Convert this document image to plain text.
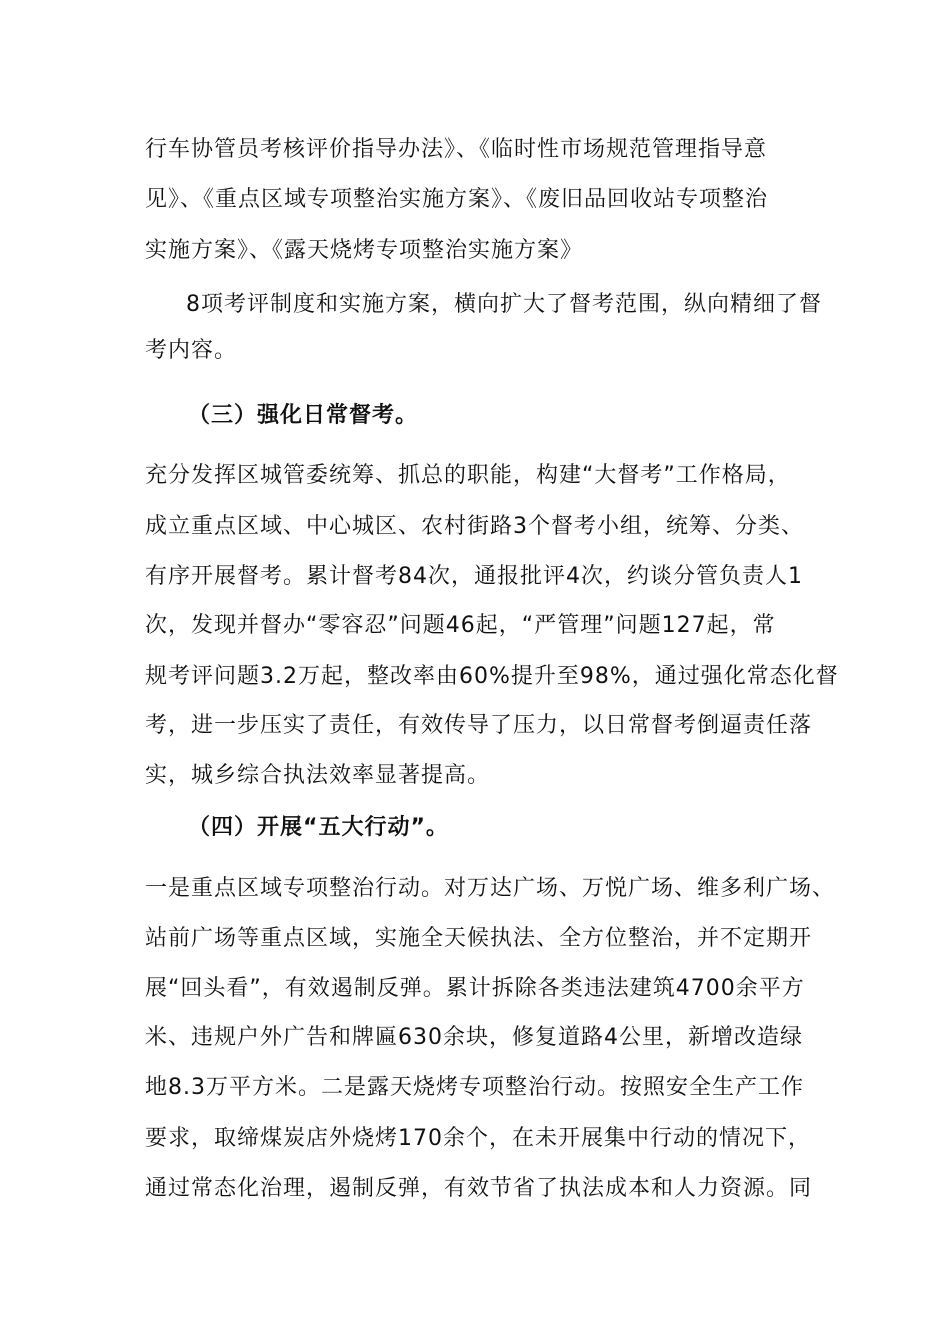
行车协管员考核评价指导办法》、《临时性市场规范管理指导意
见》、《重点区域专项整治实施方案》、《废旧品回收站专项整治
实施方案》、《露天烧烤专项整治实施方案》
8项考评制度和实施方案，横向扩大了督考范围，纵向精细了督
考内容。
（三）强化日常督考。
充分发挥区城管委统筹、抓总的职能，构建“大督考”工作格局，
成立重点区域、中心城区、农村街路3个督考小组，统筹、分类、
有序开展督考。累计督考84次，通报批评4次，约谈分管负责人1
次，发现并督办“零容忍”问题46起，“严管理”问题127起，常
规考评问题3.2万起，整改率由60%提升至98%，通过强化常态化督
考，进一步压实了责任，有效传导了压力，以日常督考倒逼责任落
实，城乡综合执法效率显著提高。
（四）开展“五大行动”。
一是重点区域专项整治行动。对万达广场、万悦广场、维多利广场、
站前广场等重点区域，实施全天候执法、全方位整治，并不定期开
展“回头看”，有效遏制反弹。累计拆除各类违法建筑4700余平方
米、违规户外广告和牌匾630余块，修复道路4公里，新增改造绿
地8.3万平方米。二是露天烧烤专项整治行动。按照安全生产工作
要求，取缔煤炭店外烧烤170余个，在未开展集中行动的情况下，
通过常态化治理，遏制反弹，有效节省了执法成本和人力资源。同
